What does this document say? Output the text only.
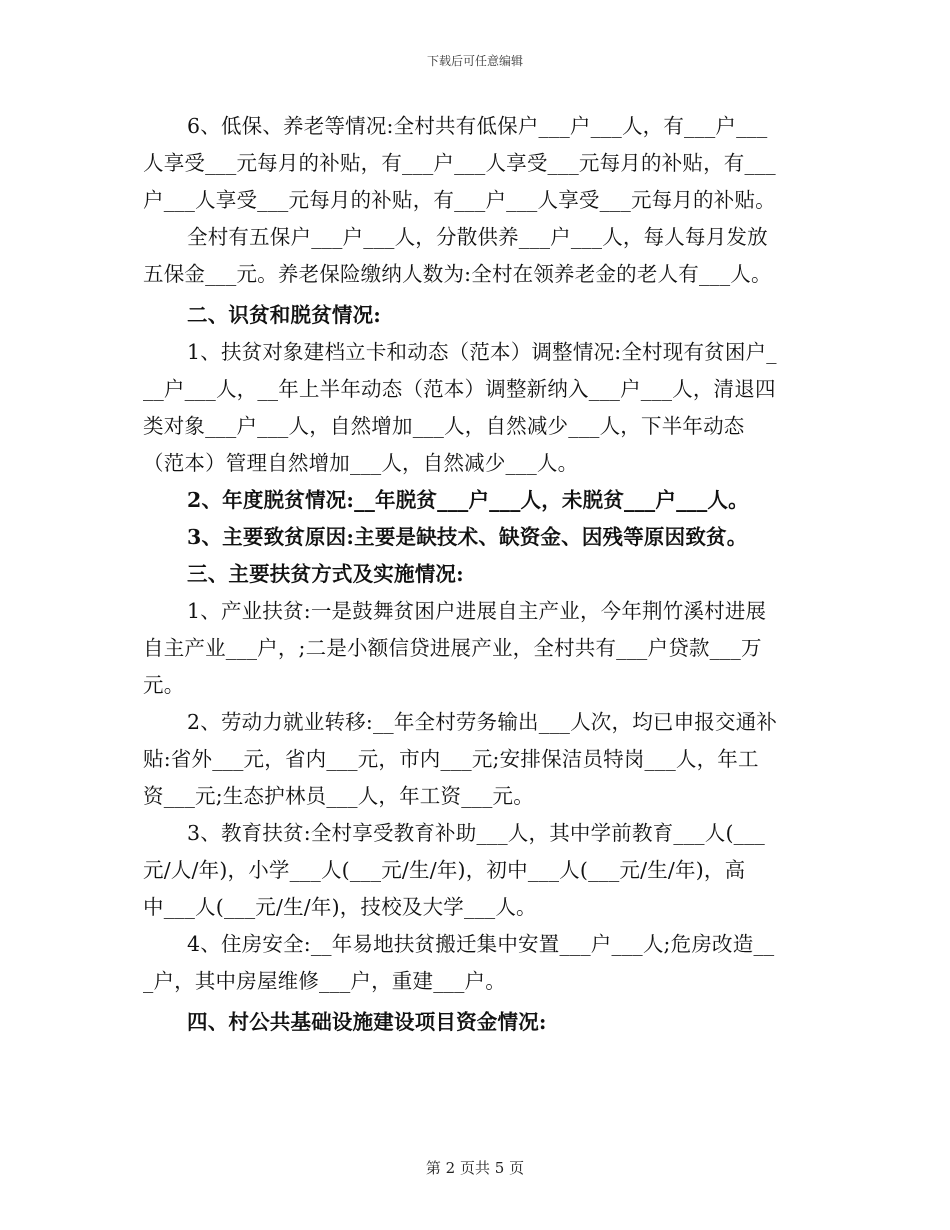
下载后可任意编辑
6、低保、养老等情况:全村共有低保户___户___人，有___户___
人享受___元每月的补贴，有___户___人享受___元每月的补贴，有___
户___人享受___元每月的补贴，有___户___人享受___元每月的补贴。
全村有五保户___户___人，分散供养___户___人，每人每月发放
五保金___元。养老保险缴纳人数为:全村在领养老金的老人有___人。
二、识贫和脱贫情况:
1、扶贫对象建档立卡和动态（范本）调整情况:全村现有贫困户_
__户___人，__年上半年动态（范本）调整新纳入___户___人，清退四
类对象___户___人，自然增加___人，自然减少___人，下半年动态
（范本）管理自然增加___人，自然减少___人。
2、年度脱贫情况:__年脱贫___户___人，未脱贫___户___人。
3、主要致贫原因:主要是缺技术、缺资金、因残等原因致贫。
三、主要扶贫方式及实施情况:
1、产业扶贫:一是鼓舞贫困户进展自主产业，今年荆竹溪村进展
自主产业___户，;二是小额信贷进展产业，全村共有___户贷款___万
元。
2、劳动力就业转移:__年全村劳务输出___人次，均已申报交通补
贴:省外___元，省内___元，市内___元;安排保洁员特岗___人，年工
资___元;生态护林员___人，年工资___元。
3、教育扶贫:全村享受教育补助___人，其中学前教育___人(___
元/人/年)，小学___人(___元/生/年)，初中___人(___元/生/年)，高
中___人(___元/生/年)，技校及大学___人。
4、住房安全:__年易地扶贫搬迁集中安置___户___人;危房改造__
_户，其中房屋维修___户，重建___户。
四、村公共基础设施建设项目资金情况:
第 2 页共 5 页
